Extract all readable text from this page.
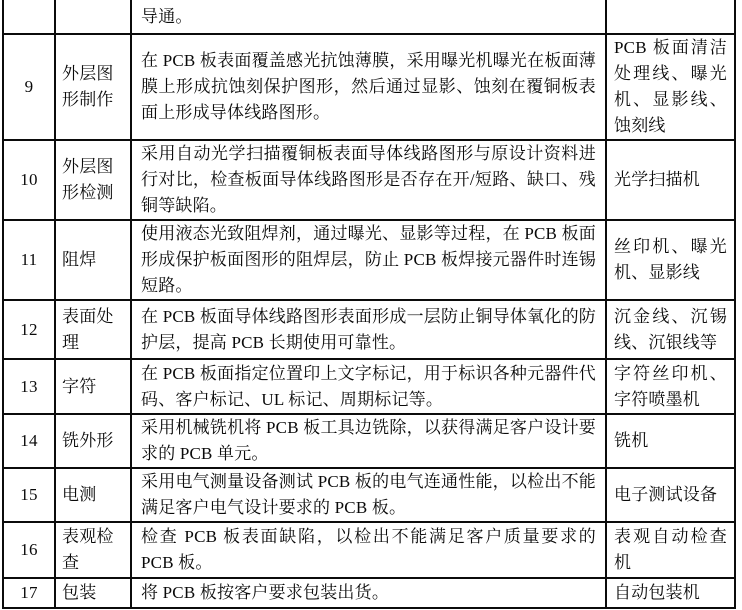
		导通。	
9	外层图形制作	在 PCB 板表面覆盖感光抗蚀薄膜，采用曝光机曝光在板面薄膜上形成抗蚀刻保护图形，然后通过显影、蚀刻在覆铜板表面上形成导体线路图形。	PCB 板面清洁处理线、曝光机、显影线、蚀刻线
10	外层图形检测	采用自动光学扫描覆铜板表面导体线路图形与原设计资料进行对比，检查板面导体线路图形是否存在开/短路、缺口、残铜等缺陷。	光学扫描机
11	阻焊	使用液态光致阻焊剂，通过曝光、显影等过程，在 PCB 板面形成保护板面图形的阻焊层，防止 PCB 板焊接元器件时连锡短路。	丝印机、曝光机、显影线
12	表面处理	在 PCB 板面导体线路图形表面形成一层防止铜导体氧化的防护层，提高 PCB 长期使用可靠性。	沉金线、沉锡线、沉银线等
13	字符	在 PCB 板面指定位置印上文字标记，用于标识各种元器件代码、客户标记、UL 标记、周期标记等。	字符丝印机、字符喷墨机
14	铣外形	采用机械铣机将 PCB 板工具边铣除，以获得满足客户设计要求的 PCB 单元。	铣机
15	电测	采用电气测量设备测试 PCB 板的电气连通性能，以检出不能满足客户电气设计要求的 PCB 板。	电子测试设备
16	表观检查	检查 PCB 板表面缺陷，以检出不能满足客户质量要求的 PCB 板。	表观自动检查机
17	包装	将 PCB 板按客户要求包装出货。	自动包装机
